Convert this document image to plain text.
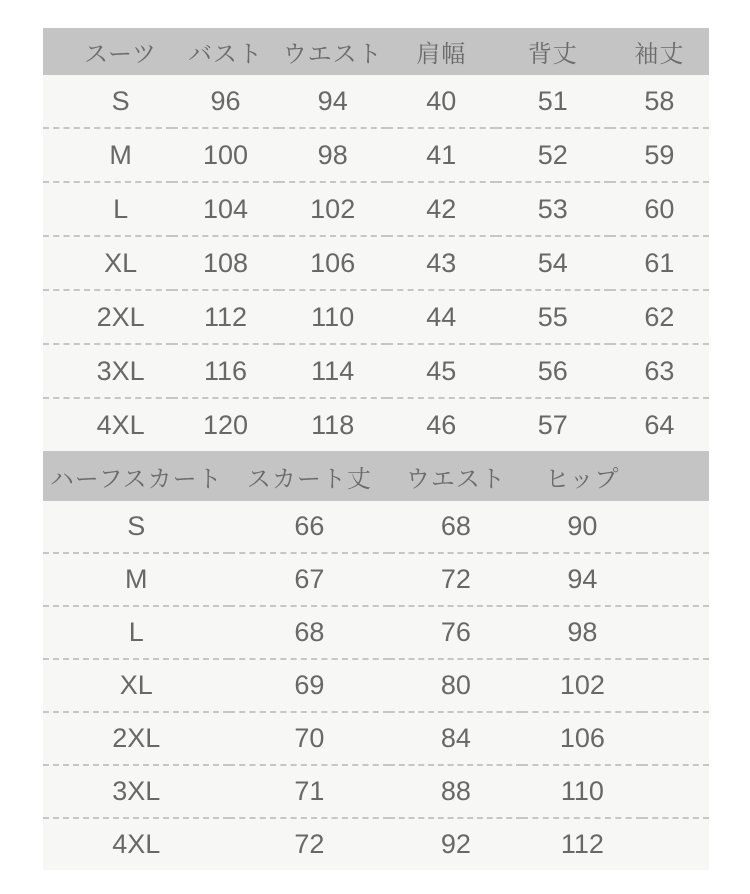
スーツ	バスト	ウエスト	肩幅	背丈	袖丈
S	96	94	40	51	58
M	100	98	41	52	59
L	104	102	42	53	60
XL	108	106	43	54	61
2XL	112	110	44	55	62
3XL	116	114	45	56	63
4XL	120	118	46	57	64
ハーフスカート	スカート丈	ウエスト	ヒップ	
S	66	68	90	
M	67	72	94	
L	68	76	98	
XL	69	80	102	
2XL	70	84	106	
3XL	71	88	110	
4XL	72	92	112	
